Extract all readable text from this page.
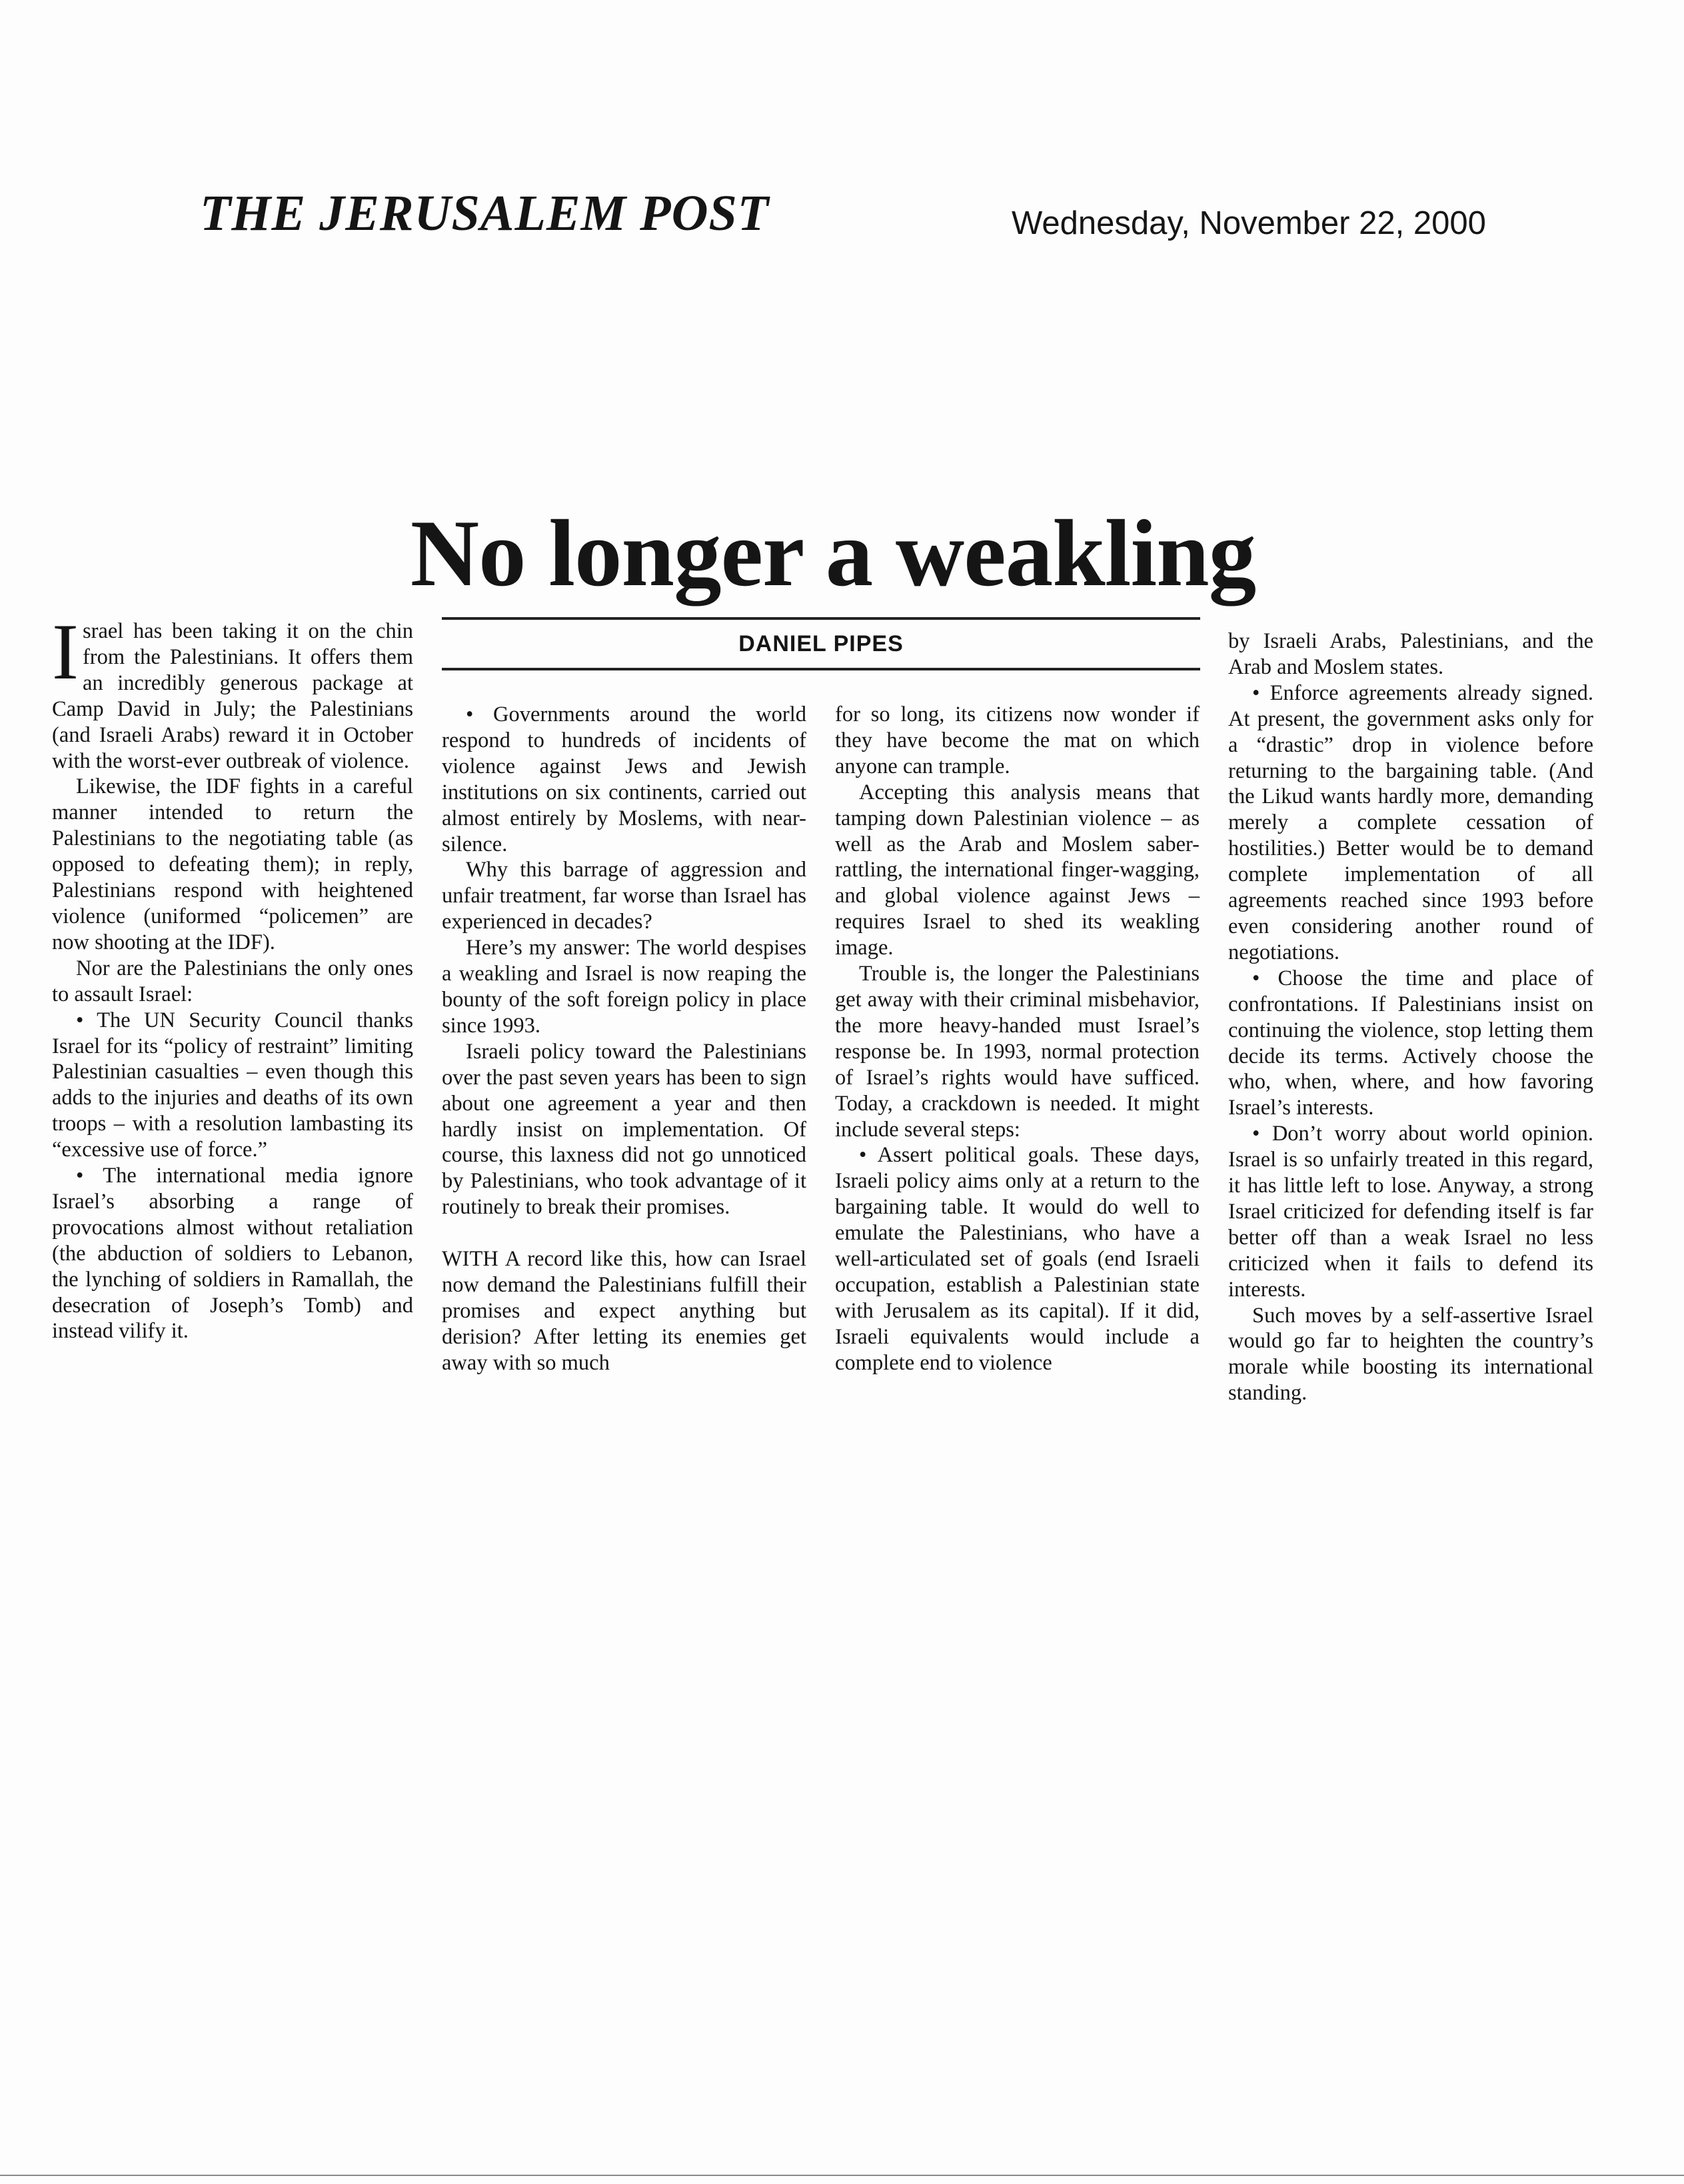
THE JERUSALEM POST	Wednesday, November 22, 2000
No longer a weakling
DANIEL PIPES

Israel has been taking it on the chin from the Palestinians. It offers them an incredibly generous package at Camp David in July; the Palestinians (and Israeli Arabs) reward it in October with the worst-ever outbreak of violence.

Likewise, the IDF fights in a careful manner intended to return the Palestinians to the negotiating table (as opposed to defeating them); in reply, Palestinians respond with heightened violence (uniformed “policemen” are now shooting at the IDF).

Nor are the Palestinians the only ones to assault Israel:

• The UN Security Council thanks Israel for its “policy of restraint” limiting Palestinian casualties – even though this adds to the injuries and deaths of its own troops – with a resolution lambasting its “excessive use of force.”

• The international media ignore Israel’s absorbing a range of provocations almost without retaliation (the abduction of soldiers to Lebanon, the lynching of soldiers in Ramallah, the desecration of Joseph’s Tomb) and instead vilify it.

• Governments around the world respond to hundreds of incidents of violence against Jews and Jewish institutions on six continents, carried out almost entirely by Moslems, with near-silence.

Why this barrage of aggression and unfair treatment, far worse than Israel has experienced in decades?

Here’s my answer: The world despises a weakling and Israel is now reaping the bounty of the soft foreign policy in place since 1993.

Israeli policy toward the Palestinians over the past seven years has been to sign about one agreement a year and then hardly insist on implementation. Of course, this laxness did not go unnoticed by Palestinians, who took advantage of it routinely to break their promises.

WITH A record like this, how can Israel now demand the Palestinians fulfill their promises and expect anything but derision? After letting its enemies get away with so much

for so long, its citizens now wonder if they have become the mat on which anyone can trample.

Accepting this analysis means that tamping down Palestinian violence – as well as the Arab and Moslem saber-rattling, the international finger-wagging, and global violence against Jews – requires Israel to shed its weakling image.

Trouble is, the longer the Palestinians get away with their criminal misbehavior, the more heavy-handed must Israel’s response be. In 1993, normal protection of Israel’s rights would have sufficed. Today, a crackdown is needed. It might include several steps:

• Assert political goals. These days, Israeli policy aims only at a return to the bargaining table. It would do well to emulate the Palestinians, who have a well-articulated set of goals (end Israeli occupation, establish a Palestinian state with Jerusalem as its capital). If it did, Israeli equivalents would include a complete end to violence

by Israeli Arabs, Palestinians, and the Arab and Moslem states.

• Enforce agreements already signed. At present, the government asks only for a “drastic” drop in violence before returning to the bargaining table. (And the Likud wants hardly more, demanding merely a complete cessation of hostilities.) Better would be to demand complete implementation of all agreements reached since 1993 before even considering another round of negotiations.

• Choose the time and place of confrontations. If Palestinians insist on continuing the violence, stop letting them decide its terms. Actively choose the who, when, where, and how favoring Israel’s interests.

• Don’t worry about world opinion. Israel is so unfairly treated in this regard, it has little left to lose. Anyway, a strong Israel criticized for defending itself is far better off than a weak Israel no less criticized when it fails to defend its interests.

Such moves by a self-assertive Israel would go far to heighten the country’s morale while boosting its international standing.
